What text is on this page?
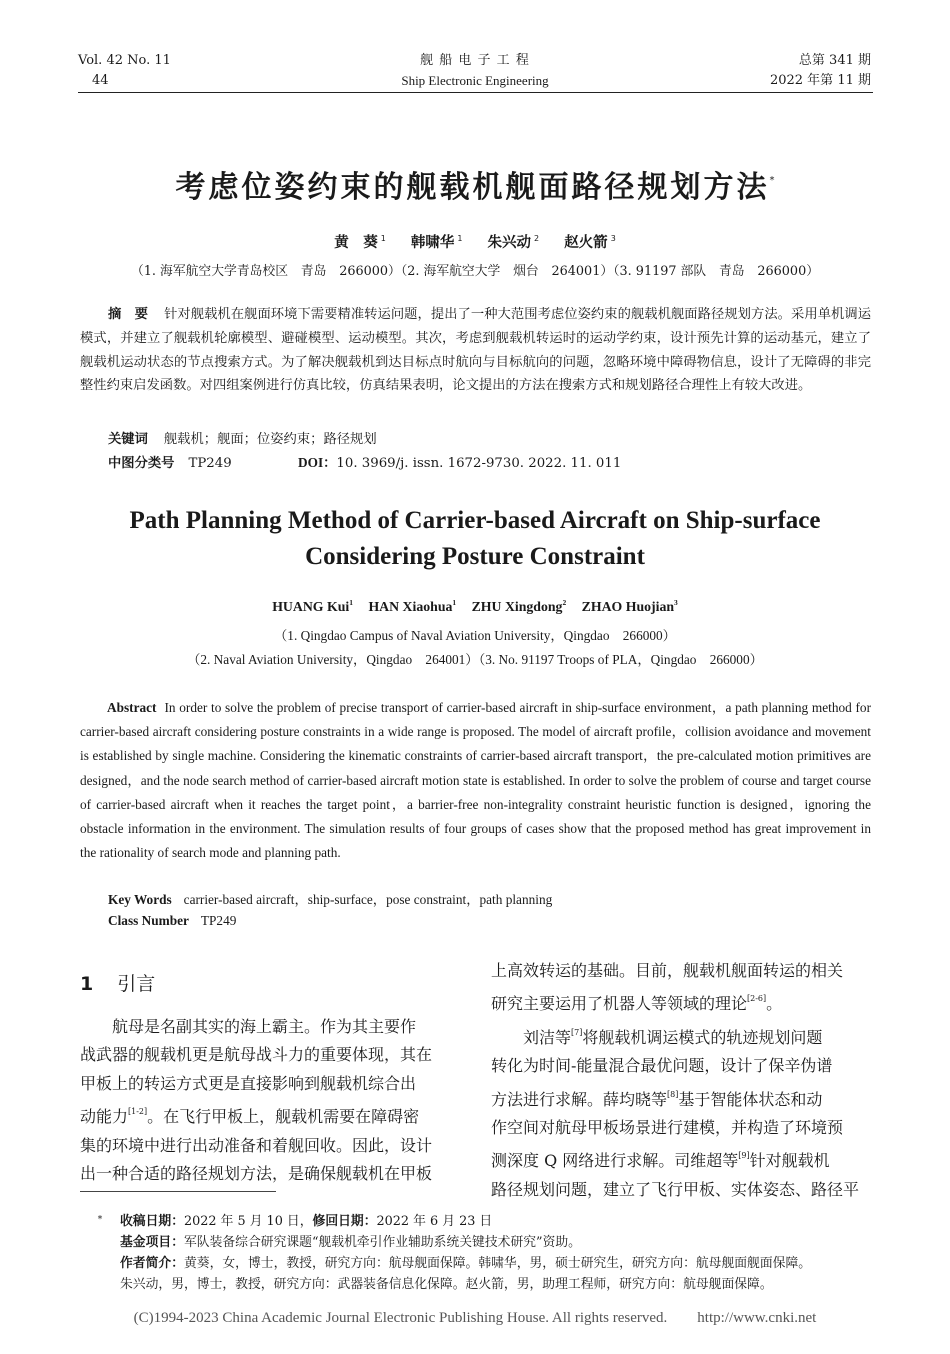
Vol. 42 No. 11
44
舰 船 电 子 工 程
Ship Electronic Engineering
总第 341 期
2022 年第 11 期
考虑位姿约束的舰载机舰面路径规划方法*
黄　葵 $^1$ 韩啸华 $^1$ 朱兴动 $^2$ 赵火箭 $^3$
（1. 海军航空大学青岛校区　青岛　266000）（2. 海军航空大学　烟台　264001）（3. 91197 部队　青岛　266000）
摘　要 针对舰载机在舰面环境下需要精准转运问题，提出了一种大范围考虑位姿约束的舰载机舰面路径规划方法。采用单机调运模式，并建立了舰载机轮廓模型、避碰模型、运动模型。其次，考虑到舰载机转运时的运动学约束，设计预先计算的运动基元，建立了舰载机运动状态的节点搜索方式。为了解决舰载机到达目标点时航向与目标航向的问题，忽略环境中障碍物信息，设计了无障碍的非完整性约束启发函数。对四组案例进行仿真比较，仿真结果表明，论文提出的方法在搜索方式和规划路径合理性上有较大改进。
关键词 舰载机；舰面；位姿约束；路径规划
中图分类号 TP249	DOI：10. 3969/j. issn. 1672-9730. 2022. 11. 011
Path Planning Method of Carrier-based Aircraft on Ship-surface
Considering Posture Constraint
HUANG Kui$^1$ HAN Xiaohua$^1$ ZHU Xingdong$^2$ ZHAO Huojian$^3$
（1. Qingdao Campus of Naval Aviation University，Qingdao　266000）
（2. Naval Aviation University，Qingdao　264001）（3. No. 91197 Troops of PLA，Qingdao　266000）
Abstract In order to solve the problem of precise transport of carrier-based aircraft in ship-surface environment，a path planning method for carrier-based aircraft considering posture constraints in a wide range is proposed. The model of aircraft profile，collision avoidance and movement is established by single machine. Considering the kinematic constraints of carrier-based aircraft transport，the pre-calculated motion primitives are designed，and the node search method of carrier-based aircraft motion state is established. In order to solve the problem of course and target course of carrier-based aircraft when it reaches the target point，a barrier-free non-integrality constraint heuristic function is designed，ignoring the obstacle information in the environment. The simulation results of four groups of cases show that the proposed method has great improvement in the rationality of search mode and planning path.
Key Words carrier-based aircraft，ship-surface，pose constraint，path planning
Class Number TP249
1 引言
　　航母是名副其实的海上霸主。作为其主要作
战武器的舰载机更是航母战斗力的重要体现，其在
甲板上的转运方式更是直接影响到舰载机综合出
动能力[1-2]。在飞行甲板上，舰载机需要在障碍密
集的环境中进行出动准备和着舰回收。因此，设计
出一种合适的路径规划方法，是确保舰载机在甲板
上高效转运的基础。目前，舰载机舰面转运的相关
研究主要运用了机器人等领域的理论[2-6]。
　　刘洁等[7]将舰载机调运模式的轨迹规划问题
转化为时间-能量混合最优问题，设计了保辛伪谱
方法进行求解。薛均晓等[8]基于智能体状态和动
作空间对航母甲板场景进行建模，并构造了环境预
测深度 Q 网络进行求解。司维超等[9]针对舰载机
路径规划问题，建立了飞行甲板、实体姿态、路径平
* 收稿日期：2022 年 5 月 10 日，修回日期：2022 年 6 月 23 日
基金项目：军队装备综合研究课题“舰载机牵引作业辅助系统关键技术研究”资助。
作者简介：黄葵，女，博士，教授，研究方向：航母舰面保障。韩啸华，男，硕士研究生，研究方向：航母舰面舰面保障。
朱兴动，男，博士，教授，研究方向：武器装备信息化保障。赵火箭，男，助理工程师，研究方向：航母舰面保障。
(C)1994-2023 China Academic Journal Electronic Publishing House. All rights reserved.　　http://www.cnki.net
